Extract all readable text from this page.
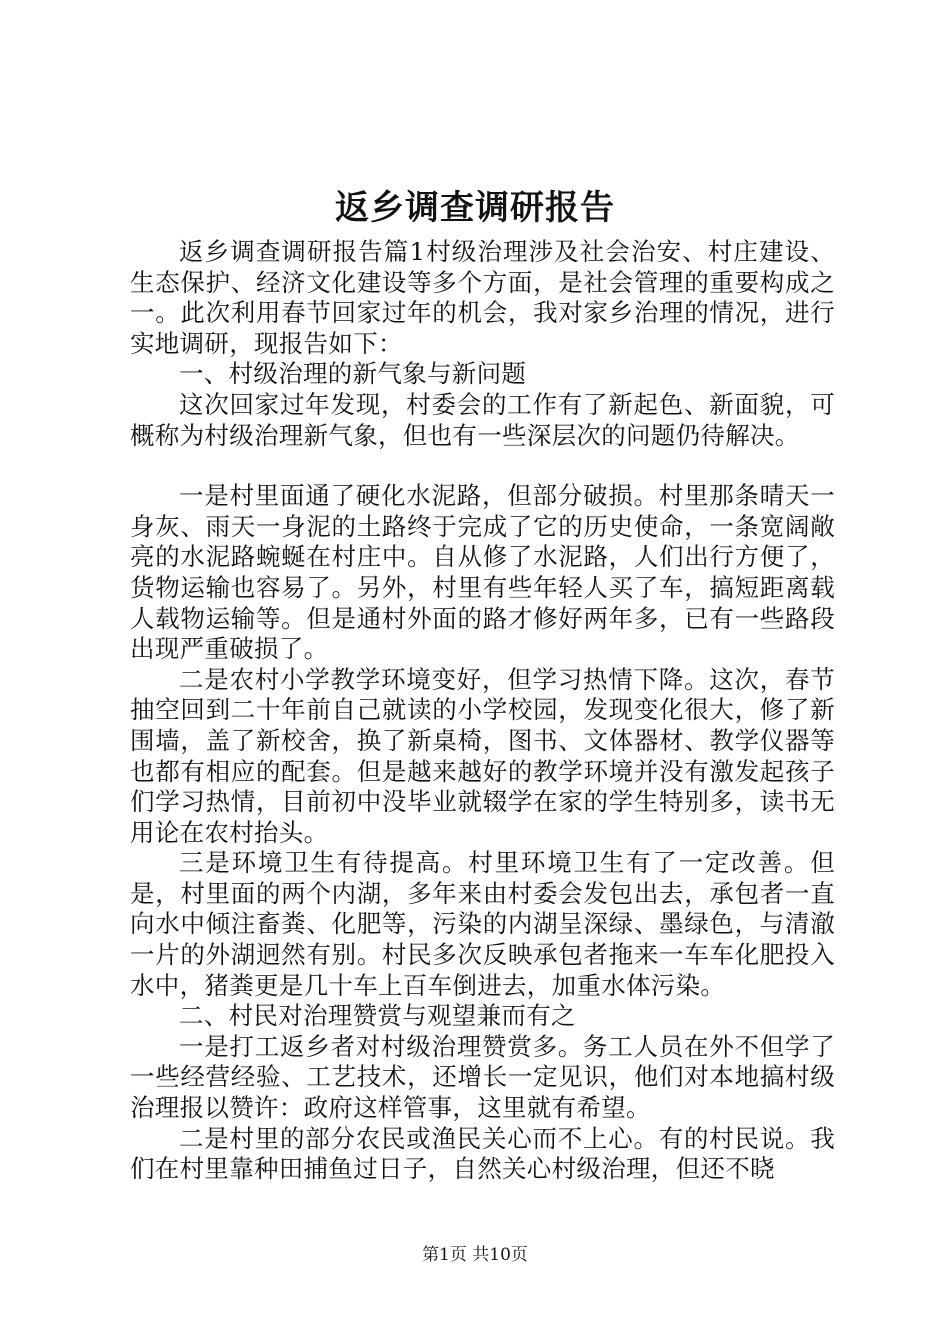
返乡调查调研报告

返乡调查调研报告篇1村级治理涉及社会治安、村庄建设、生态保护、经济文化建设等多个方面，是社会管理的重要构成之一。此次利用春节回家过年的机会，我对家乡治理的情况，进行实地调研，现报告如下：

一、村级治理的新气象与新问题

这次回家过年发现，村委会的工作有了新起色、新面貌，可概称为村级治理新气象，但也有一些深层次的问题仍待解决。

一是村里面通了硬化水泥路，但部分破损。村里那条晴天一身灰、雨天一身泥的土路终于完成了它的历史使命，一条宽阔敞亮的水泥路蜿蜒在村庄中。自从修了水泥路，人们出行方便了，货物运输也容易了。另外，村里有些年轻人买了车，搞短距离载人载物运输等。但是通村外面的路才修好两年多，已有一些路段出现严重破损了。

二是农村小学教学环境变好，但学习热情下降。这次，春节抽空回到二十年前自己就读的小学校园，发现变化很大，修了新围墙，盖了新校舍，换了新桌椅，图书、文体器材、教学仪器等也都有相应的配套。但是越来越好的教学环境并没有激发起孩子们学习热情，目前初中没毕业就辍学在家的学生特别多，读书无用论在农村抬头。

三是环境卫生有待提高。村里环境卫生有了一定改善。但是，村里面的两个内湖，多年来由村委会发包出去，承包者一直向水中倾注畜粪、化肥等，污染的内湖呈深绿、墨绿色，与清澈一片的外湖迥然有别。村民多次反映承包者拖来一车车化肥投入水中，猪粪更是几十车上百车倒进去，加重水体污染。

二、村民对治理赞赏与观望兼而有之

一是打工返乡者对村级治理赞赏多。务工人员在外不但学了一些经营经验、工艺技术，还增长一定见识，他们对本地搞村级治理报以赞许：政府这样管事，这里就有希望。

二是村里的部分农民或渔民关心而不上心。有的村民说。我们在村里靠种田捕鱼过日子，自然关心村级治理，但还不晓

第1页 共10页
